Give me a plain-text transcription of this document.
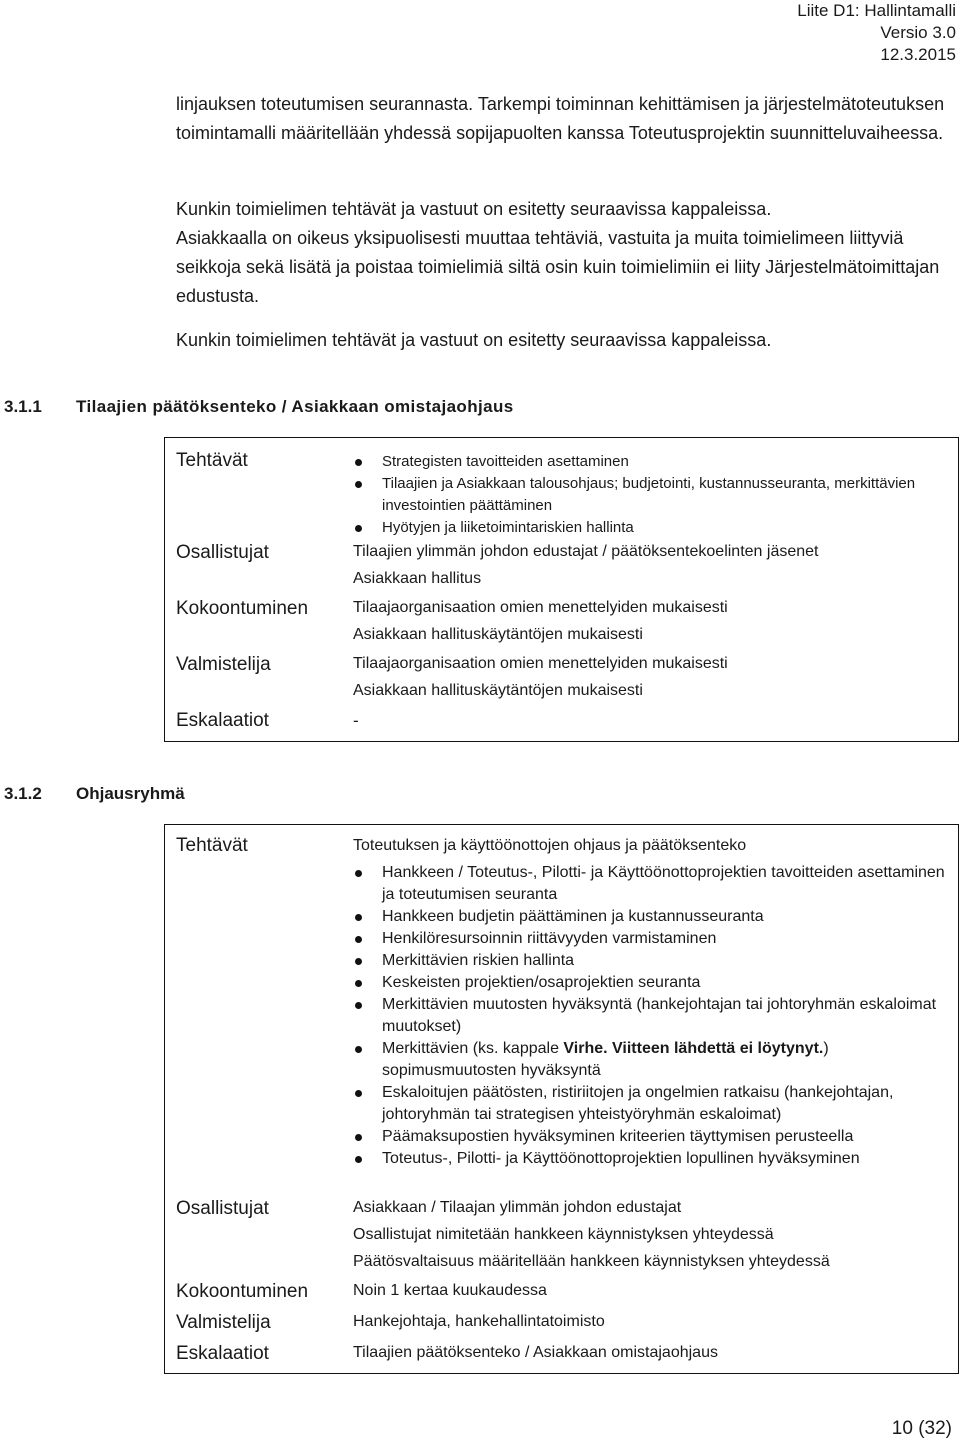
Liite D1: Hallintamalli
Versio 3.0
12.3.2015

linjauksen toteutumisen seurannasta. Tarkempi toiminnan kehittämisen ja järjestelmätoteutuksen toimintamalli määritellään yhdessä sopijapuolten kanssa Toteutusprojektin suunnitteluvaiheessa.

Kunkin toimielimen tehtävät ja vastuut on esitetty seuraavissa kappaleissa.

Asiakkaalla on oikeus yksipuolisesti muuttaa tehtäviä, vastuita ja muita toimielimeen liittyviä seikkoja sekä lisätä ja poistaa toimielimiä siltä osin kuin toimielimiin ei liity Järjestelmätoimittajan edustusta.

Kunkin toimielimen tehtävät ja vastuut on esitetty seuraavissa kappaleissa.

3.1.1 Tilaajien päätöksenteko / Asiakkaan omistajaohjaus
Tehtävät	Strategisten tavoitteiden asettaminen
Tilaajien ja Asiakkaan talousohjaus; budjetointi, kustannusseuranta, merkittävien investointien päättäminen
Hyötyjen ja liiketoimintariskien hallinta
Osallistujat	Tilaajien ylimmän johdon edustajat / päätöksentekoelinten jäsenet
Asiakkaan hallitus
Kokoontuminen	Tilaajaorganisaation omien menettelyiden mukaisesti
Asiakkaan hallituskäytäntöjen mukaisesti
Valmistelija	Tilaajaorganisaation omien menettelyiden mukaisesti
Asiakkaan hallituskäytäntöjen mukaisesti
Eskalaatiot	-
3.1.2 Ohjausryhmä
Tehtävät	Toteutuksen ja käyttöönottojen ohjaus ja päätöksenteko
Hankkeen / Toteutus-, Pilotti- ja Käyttöönottoprojektien tavoitteiden asettaminen ja toteutumisen seuranta
Hankkeen budjetin päättäminen ja kustannusseuranta
Henkilöresursoinnin riittävyyden varmistaminen
Merkittävien riskien hallinta
Keskeisten projektien/osaprojektien seuranta
Merkittävien muutosten hyväksyntä (hankejohtajan tai johtoryhmän eskaloimat muutokset)
Merkittävien (ks. kappale Virhe. Viitteen lähdettä ei löytynyt.) sopimusmuutosten hyväksyntä
Eskaloitujen päätösten, ristiriitojen ja ongelmien ratkaisu (hankejohtajan, johtoryhmän tai strategisen yhteistyöryhmän eskaloimat)
Päämaksupostien hyväksyminen kriteerien täyttymisen perusteella
Toteutus-, Pilotti- ja Käyttöönottoprojektien lopullinen hyväksyminen
Osallistujat	Asiakkaan / Tilaajan ylimmän johdon edustajat
Osallistujat nimitetään hankkeen käynnistyksen yhteydessä
Päätösvaltaisuus määritellään hankkeen käynnistyksen yhteydessä
Kokoontuminen	Noin 1 kertaa kuukaudessa
Valmistelija	Hankejohtaja, hankehallintatoimisto
Eskalaatiot	Tilaajien päätöksenteko / Asiakkaan omistajaohjaus
10 (32)
